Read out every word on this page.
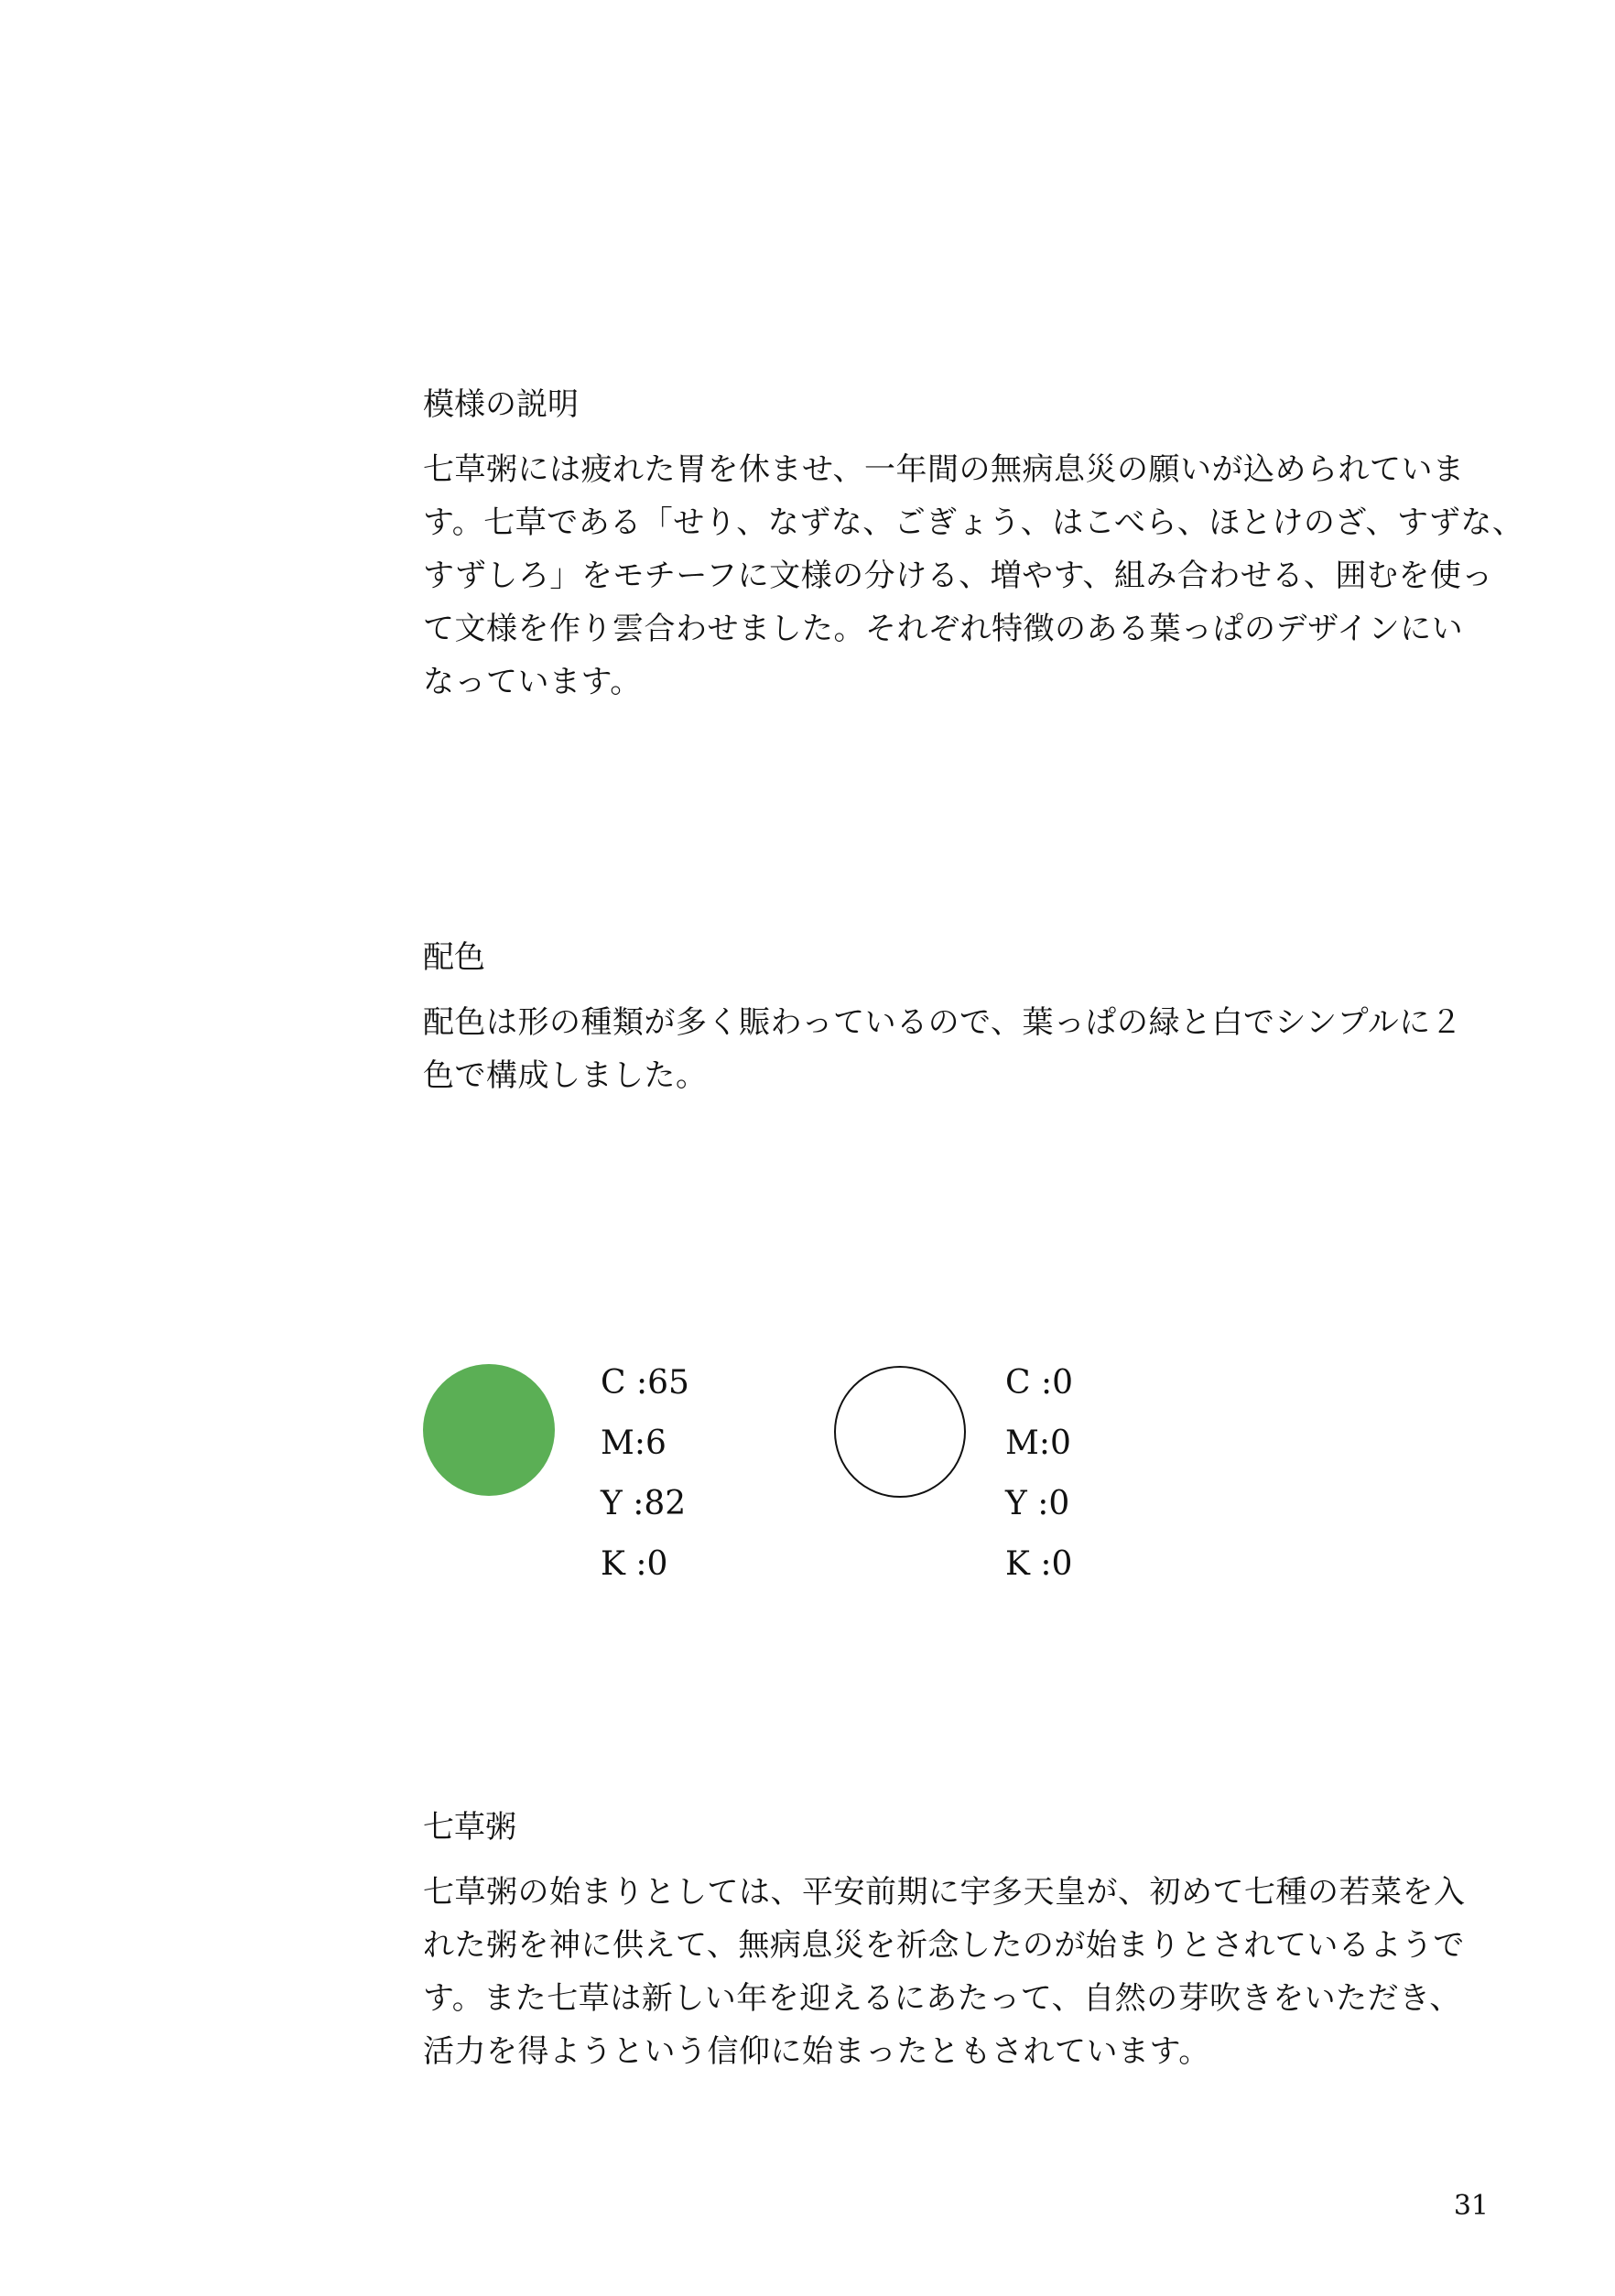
模様の説明

七草粥には疲れた胃を休ませ、一年間の無病息災の願いが込められていま
す。七草である「せり、なずな、ごぎょう、はこべら、ほとけのざ、すずな、
すずしろ」をモチーフに文様の分ける、増やす、組み合わせる、囲むを使っ
て文様を作り雲合わせました。それぞれ特徴のある葉っぱのデザインにい
なっています。

配色

配色は形の種類が多く賑わっているので、葉っぱの緑と白でシンプルに２
色で構成しました。

C :65
M:6
Y :82
K :0
C :0
M:0
Y :0
K :0
七草粥

七草粥の始まりとしては、平安前期に宇多天皇が、初めて七種の若菜を入
れた粥を神に供えて、無病息災を祈念したのが始まりとされているようで
す。また七草は新しい年を迎えるにあたって、自然の芽吹きをいただき、
活力を得ようという信仰に始まったともされています。

31
